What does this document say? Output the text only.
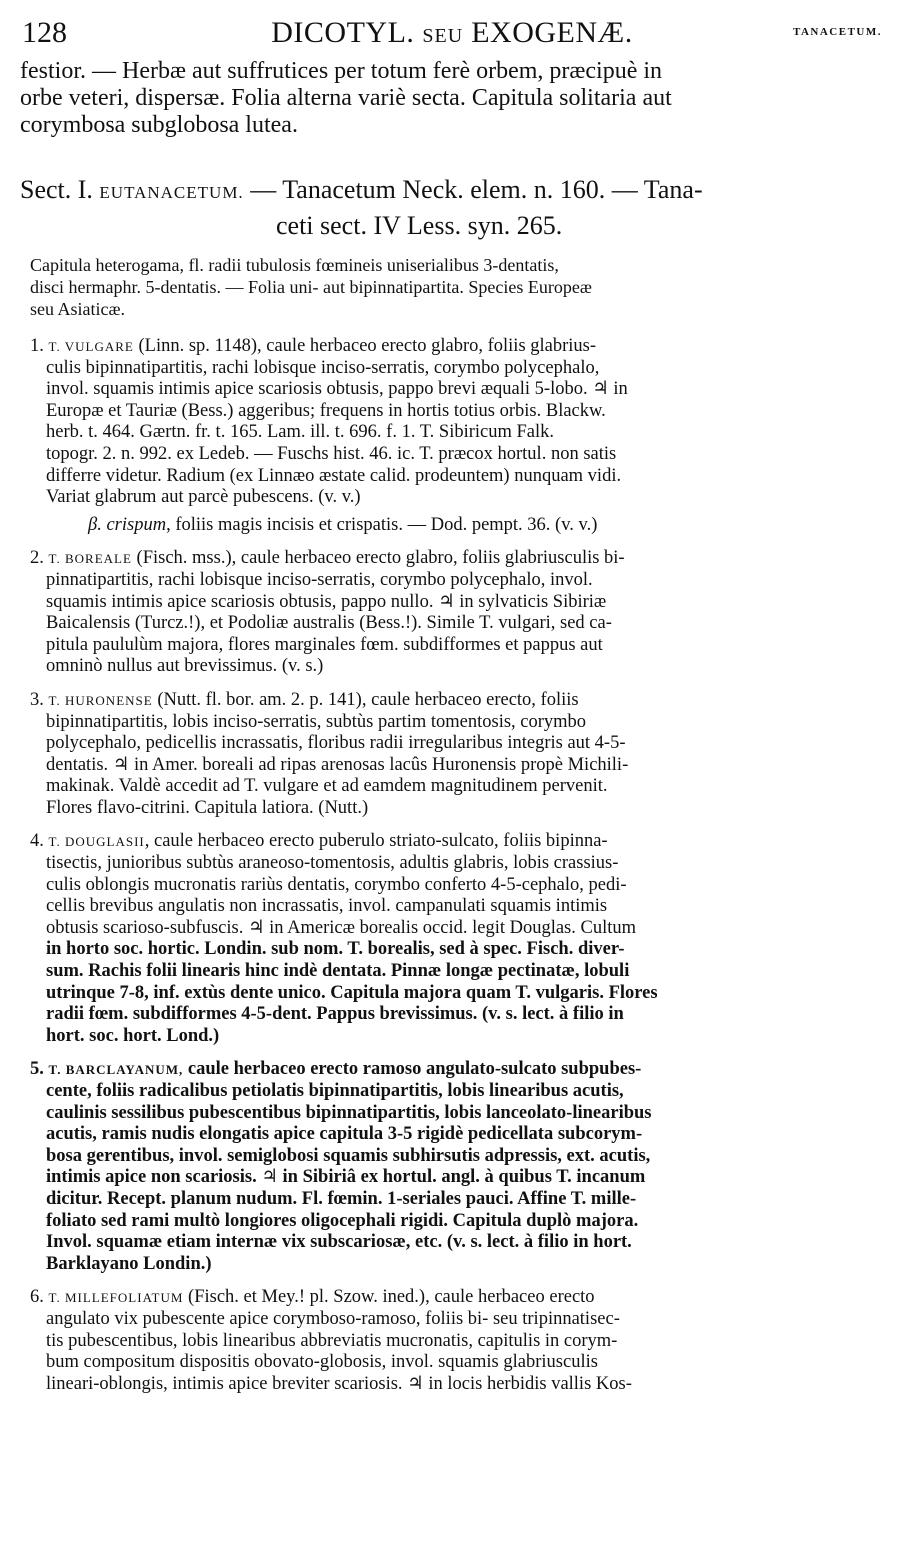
128	DICOTYL. SEU EXOGENÆ.	TANACETUM.

festior. — Herbæ aut suffrutices per totum ferè orbem, præcipuè in
orbe veteri, dispersæ. Folia alterna variè secta. Capitula solitaria aut
corymbosa subglobosa lutea.

Sect. I. EUTANACETUM. — Tanacetum Neck. elem. n. 160. — Tana-
ceti sect. IV Less. syn. 265.

Capitula heterogama, fl. radii tubulosis fœmineis uniserialibus 3-dentatis,
disci hermaphr. 5-dentatis. — Folia uni- aut bipinnatipartita. Species Europeæ
seu Asiaticæ.

1. T. VULGARE (Linn. sp. 1148), caule herbaceo erecto glabro, foliis glabrius-
culis bipinnatipartitis, rachi lobisque inciso-serratis, corymbo polycephalo,
invol. squamis intimis apice scariosis obtusis, pappo brevi æquali 5-lobo. ♃ in
Europæ et Tauriæ (Bess.) aggeribus; frequens in hortis totius orbis. Blackw.
herb. t. 464. Gærtn. fr. t. 165. Lam. ill. t. 696. f. 1. T. Sibiricum Falk.
topogr. 2. n. 992. ex Ledeb. — Fuschs hist. 46. ic. T. præcox hortul. non satis
differre videtur. Radium (ex Linnæo æstate calid. prodeuntem) nunquam vidi.
Variat glabrum aut parcè pubescens. (v. v.)
β. crispum, foliis magis incisis et crispatis. — Dod. pempt. 36. (v. v.)
2. T. BOREALE (Fisch. mss.), caule herbaceo erecto glabro, foliis glabriusculis bi-
pinnatipartitis, rachi lobisque inciso-serratis, corymbo polycephalo, invol.
squamis intimis apice scariosis obtusis, pappo nullo. ♃ in sylvaticis Sibiriæ
Baicalensis (Turcz.!), et Podoliæ australis (Bess.!). Simile T. vulgari, sed ca-
pitula paululùm majora, flores marginales fœm. subdifformes et pappus aut
omninò nullus aut brevissimus. (v. s.)
3. T. HURONENSE (Nutt. fl. bor. am. 2. p. 141), caule herbaceo erecto, foliis
bipinnatipartitis, lobis inciso-serratis, subtùs partim tomentosis, corymbo
polycephalo, pedicellis incrassatis, floribus radii irregularibus integris aut 4-5-
dentatis. ♃ in Amer. boreali ad ripas arenosas lacûs Huronensis propè Michili-
makinak. Valdè accedit ad T. vulgare et ad eamdem magnitudinem pervenit.
Flores flavo-citrini. Capitula latiora. (Nutt.)
4. T. DOUGLASII, caule herbaceo erecto puberulo striato-sulcato, foliis bipinna-
tisectis, junioribus subtùs araneoso-tomentosis, adultis glabris, lobis crassius-
culis oblongis mucronatis rariùs dentatis, corymbo conferto 4-5-cephalo, pedi-
cellis brevibus angulatis non incrassatis, invol. campanulati squamis intimis
obtusis scarioso-subfuscis. ♃ in Americæ borealis occid. legit Douglas. Cultum
in horto soc. hortic. Londin. sub nom. T. borealis, sed à spec. Fisch. diver-
sum. Rachis folii linearis hinc indè dentata. Pinnæ longæ pectinatæ, lobuli
utrinque 7-8, inf. extùs dente unico. Capitula majora quam T. vulgaris. Flores
radii fœm. subdifformes 4-5-dent. Pappus brevissimus. (v. s. lect. à filio in
hort. soc. hort. Lond.)
5. T. BARCLAYANUM, caule herbaceo erecto ramoso angulato-sulcato subpubes-
cente, foliis radicalibus petiolatis bipinnatipartitis, lobis linearibus acutis,
caulinis sessilibus pubescentibus bipinnatipartitis, lobis lanceolato-linearibus
acutis, ramis nudis elongatis apice capitula 3-5 rigidè pedicellata subcorym-
bosa gerentibus, invol. semiglobosi squamis subhirsutis adpressis, ext. acutis,
intimis apice non scariosis. ♃ in Sibiriâ ex hortul. angl. à quibus T. incanum
dicitur. Recept. planum nudum. Fl. fœmin. 1-seriales pauci. Affine T. mille-
foliato sed rami multò longiores oligocephali rigidi. Capitula duplò majora.
Invol. squamæ etiam internæ vix subscariosæ, etc. (v. s. lect. à filio in hort.
Barklayano Londin.)
6. T. MILLEFOLIATUM (Fisch. et Mey.! pl. Szow. ined.), caule herbaceo erecto
angulato vix pubescente apice corymboso-ramoso, foliis bi- seu tripinnatisec-
tis pubescentibus, lobis linearibus abbreviatis mucronatis, capitulis in corym-
bum compositum dispositis obovato-globosis, invol. squamis glabriusculis
lineari-oblongis, intimis apice breviter scariosis. ♃ in locis herbidis vallis Kos-
